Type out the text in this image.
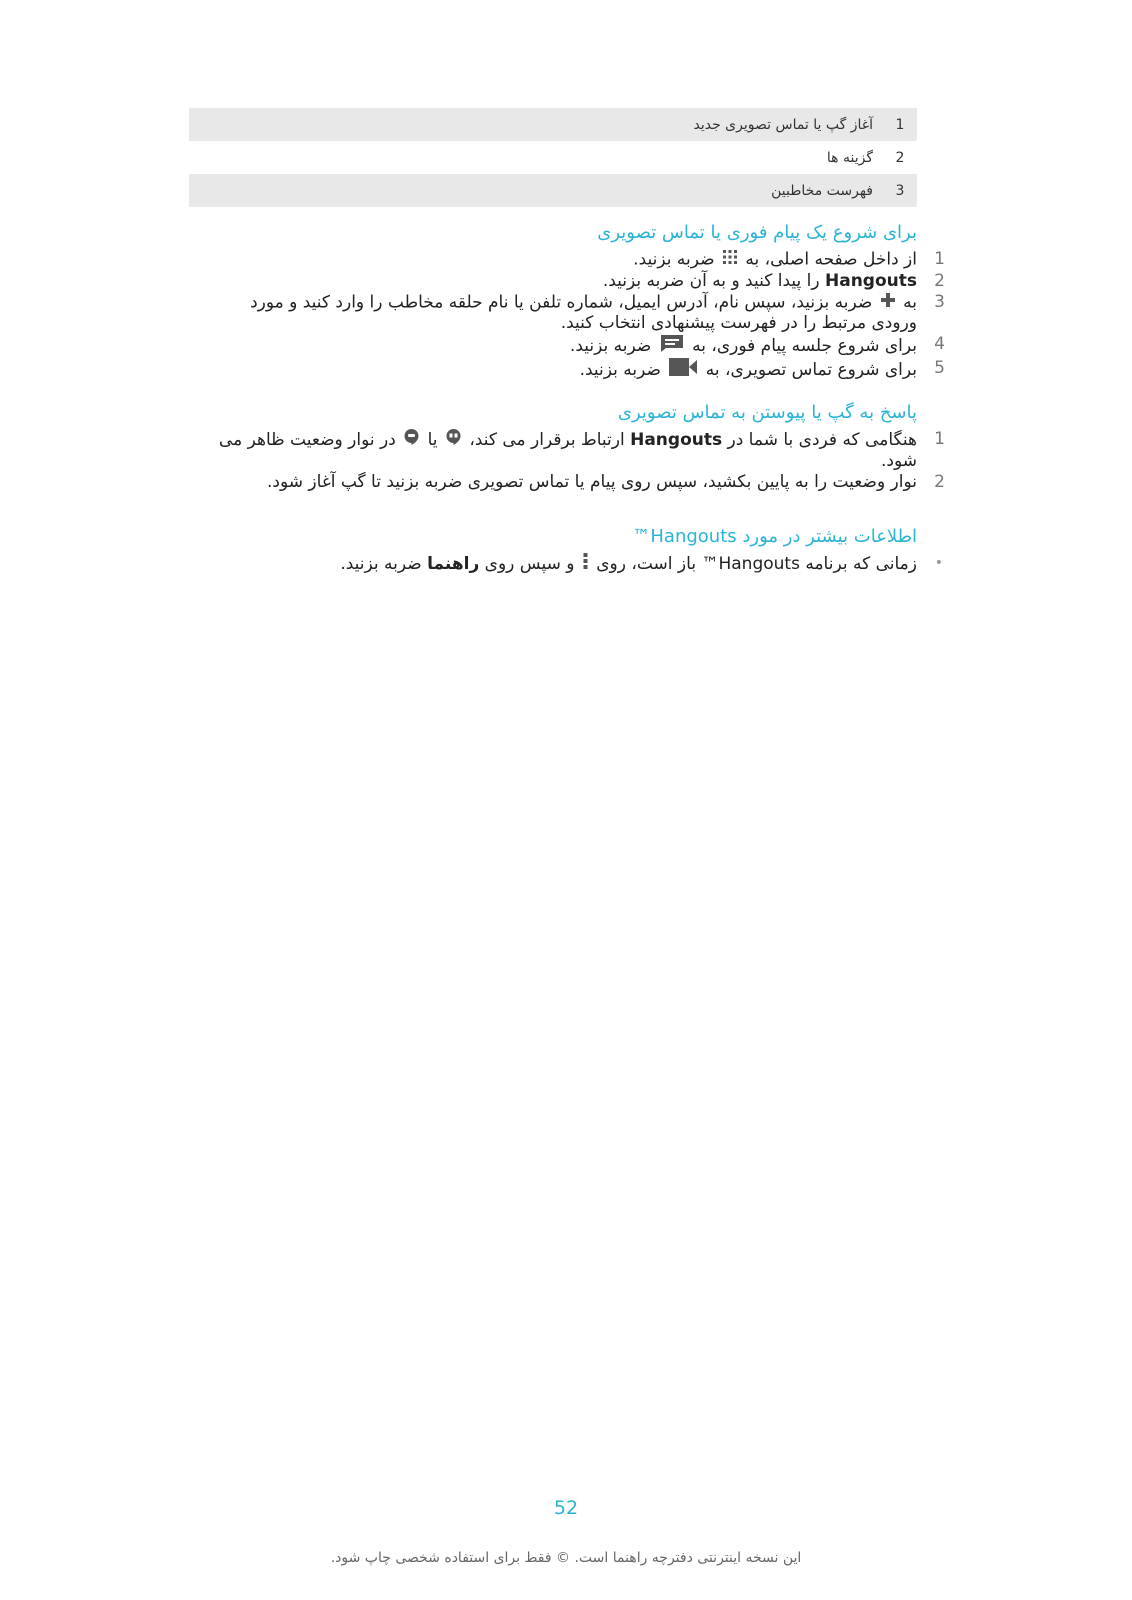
1
آغاز گپ یا تماس تصویری جدید
2
گزینه ها
3
فهرست مخاطبین
برای شروع یک پیام فوری یا تماس تصویری
1
از داخل صفحه اصلی، به  ضربه بزنید.
2
Hangouts را پیدا کنید و به آن ضربه بزنید.
3
به  ضربه بزنید، سپس نام، آدرس ایمیل، شماره تلفن یا نام حلقه مخاطب را وارد کنید و مورد ورودی مرتبط را در فهرست پیشنهادی انتخاب کنید.
4
برای شروع جلسه پیام فوری، به  ضربه بزنید.
5
برای شروع تماس تصویری، به  ضربه بزنید.
پاسخ به گپ یا پیوستن به تماس تصویری
1
هنگامی که فردی با شما در Hangouts ارتباط برقرار می کند،  یا  در نوار وضعیت ظاهر می شود.
2
نوار وضعیت را به پایین بکشید، سپس روی پیام یا تماس تصویری ضربه بزنید تا گپ آغاز شود.
اطلاعات بیشتر در مورد Hangouts™
•
زمانی که برنامه Hangouts™ باز است، روی  و سپس روی راهنما ضربه بزنید.
52
این نسخه اینترنتی دفترچه راهنما است. © فقط برای استفاده شخصی چاپ شود.
